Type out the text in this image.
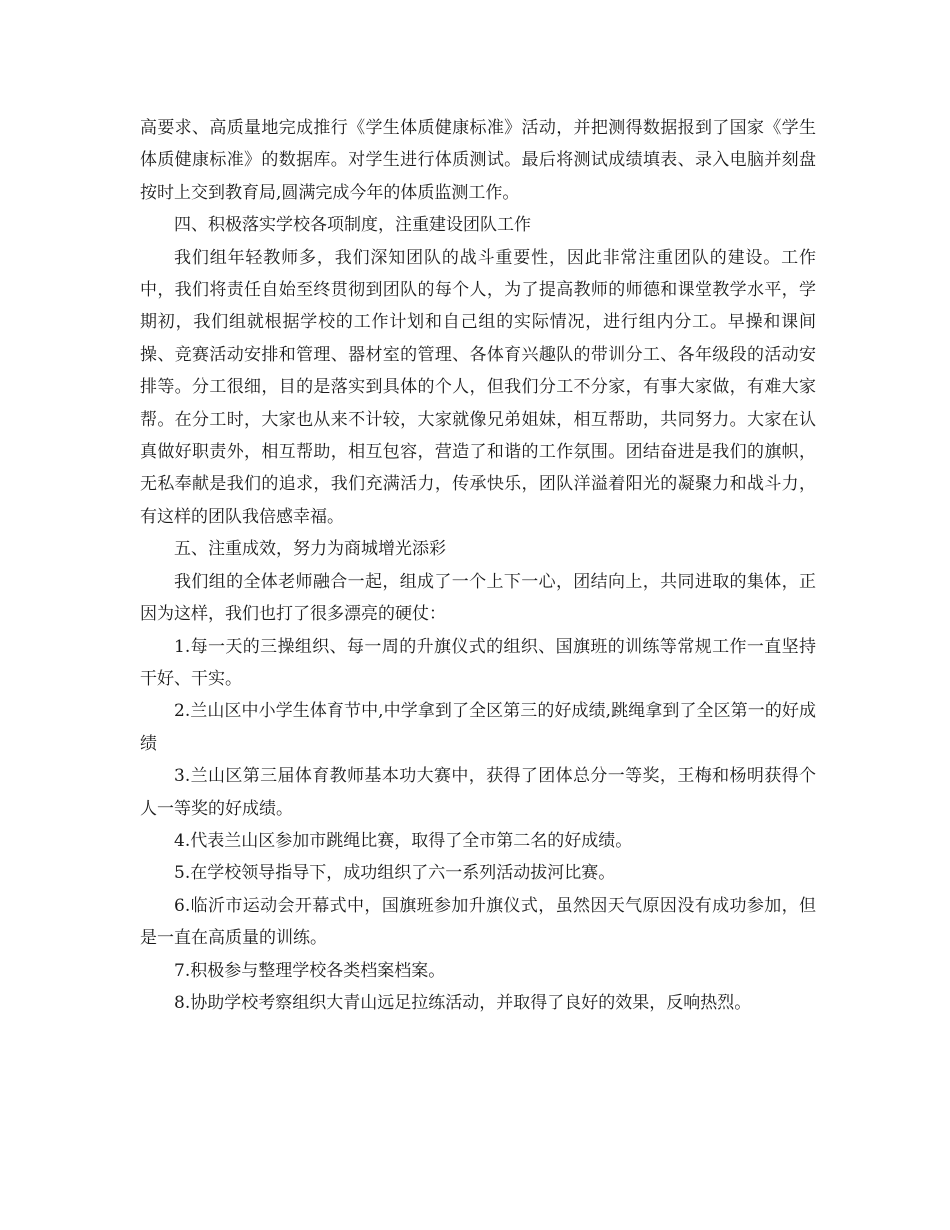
高要求、高质量地完成推行《学生体质健康标准》活动，并把测得数据报到了国家《学生体质健康标准》的数据库。对学生进行体质测试。最后将测试成绩填表、录入电脑并刻盘按时上交到教育局,圆满完成今年的体质监测工作。

四、积极落实学校各项制度，注重建设团队工作

我们组年轻教师多，我们深知团队的战斗重要性，因此非常注重团队的建设。工作中，我们将责任自始至终贯彻到团队的每个人，为了提高教师的师德和课堂教学水平，学期初，我们组就根据学校的工作计划和自己组的实际情况，进行组内分工。早操和课间操、竞赛活动安排和管理、器材室的管理、各体育兴趣队的带训分工、各年级段的活动安排等。分工很细，目的是落实到具体的个人，但我们分工不分家，有事大家做，有难大家帮。在分工时，大家也从来不计较，大家就像兄弟姐妹，相互帮助，共同努力。大家在认真做好职责外，相互帮助，相互包容，营造了和谐的工作氛围。团结奋进是我们的旗帜，无私奉献是我们的追求，我们充满活力，传承快乐，团队洋溢着阳光的凝聚力和战斗力，有这样的团队我倍感幸福。

五、注重成效，努力为商城增光添彩

我们组的全体老师融合一起，组成了一个上下一心，团结向上，共同进取的集体，正因为这样，我们也打了很多漂亮的硬仗：

1.每一天的三操组织、每一周的升旗仪式的组织、国旗班的训练等常规工作一直坚持干好、干实。

2.兰山区中小学生体育节中,中学拿到了全区第三的好成绩,跳绳拿到了全区第一的好成绩

3.兰山区第三届体育教师基本功大赛中，获得了团体总分一等奖，王梅和杨明获得个人一等奖的好成绩。

4.代表兰山区参加市跳绳比赛，取得了全市第二名的好成绩。

5.在学校领导指导下，成功组织了六一系列活动拔河比赛。

6.临沂市运动会开幕式中，国旗班参加升旗仪式，虽然因天气原因没有成功参加，但是一直在高质量的训练。

7.积极参与整理学校各类档案档案。

8.协助学校考察组织大青山远足拉练活动，并取得了良好的效果，反响热烈。
